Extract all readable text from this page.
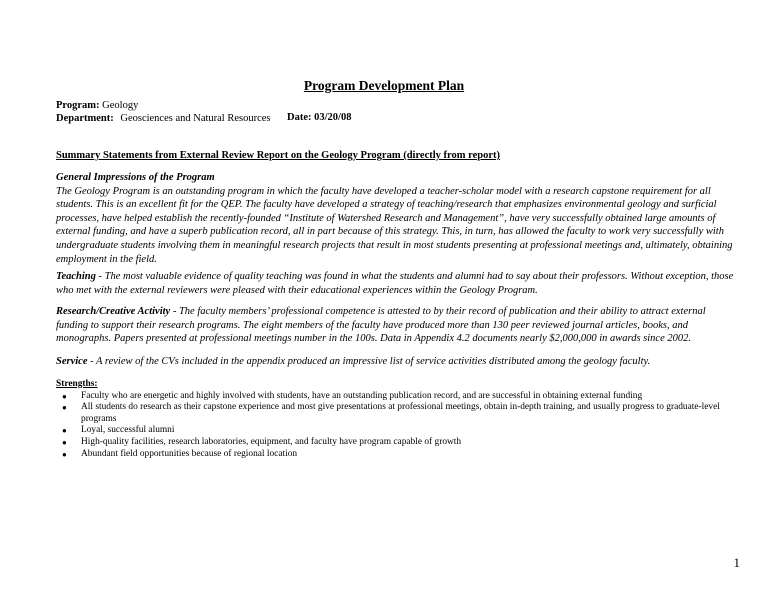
Program Development Plan
Program: Geology
Department: Geosciences and Natural Resources Date: 03/20/08
Summary Statements from External Review Report on the Geology Program (directly from report)
General Impressions of the Program
The Geology Program is an outstanding program in which the faculty have developed a teacher-scholar model with a research capstone requirement for all students. This is an excellent fit for the QEP. The faculty have developed a strategy of teaching/research that emphasizes environmental geology and surficial processes, have helped establish the recently-founded “Institute of Watershed Research and Management”, have very successfully obtained large amounts of external funding, and have a superb publication record, all in part because of this strategy. This, in turn, has allowed the faculty to work very successfully with undergraduate students involving them in meaningful research projects that result in most students presenting at professional meetings and, ultimately, obtaining employment in the field.
Teaching - The most valuable evidence of quality teaching was found in what the students and alumni had to say about their professors. Without exception, those who met with the external reviewers were pleased with their educational experiences within the Geology Program.
Research/Creative Activity - The faculty members’ professional competence is attested to by their record of publication and their ability to attract external funding to support their research programs. The eight members of the faculty have produced more than 130 peer reviewed journal articles, books, and monographs. Papers presented at professional meetings number in the 100s. Data in Appendix 4.2 documents nearly $2,000,000 in awards since 2002.
Service - A review of the CVs included in the appendix produced an impressive list of service activities distributed among the geology faculty.
Strengths:
● Faculty who are energetic and highly involved with students, have an outstanding publication record, and are successful in obtaining external funding
● All students do research as their capstone experience and most give presentations at professional meetings, obtain in-depth training, and usually progress to graduate-level programs
● Loyal, successful alumni
● High-quality facilities, research laboratories, equipment, and faculty have program capable of growth
● Abundant field opportunities because of regional location
1
